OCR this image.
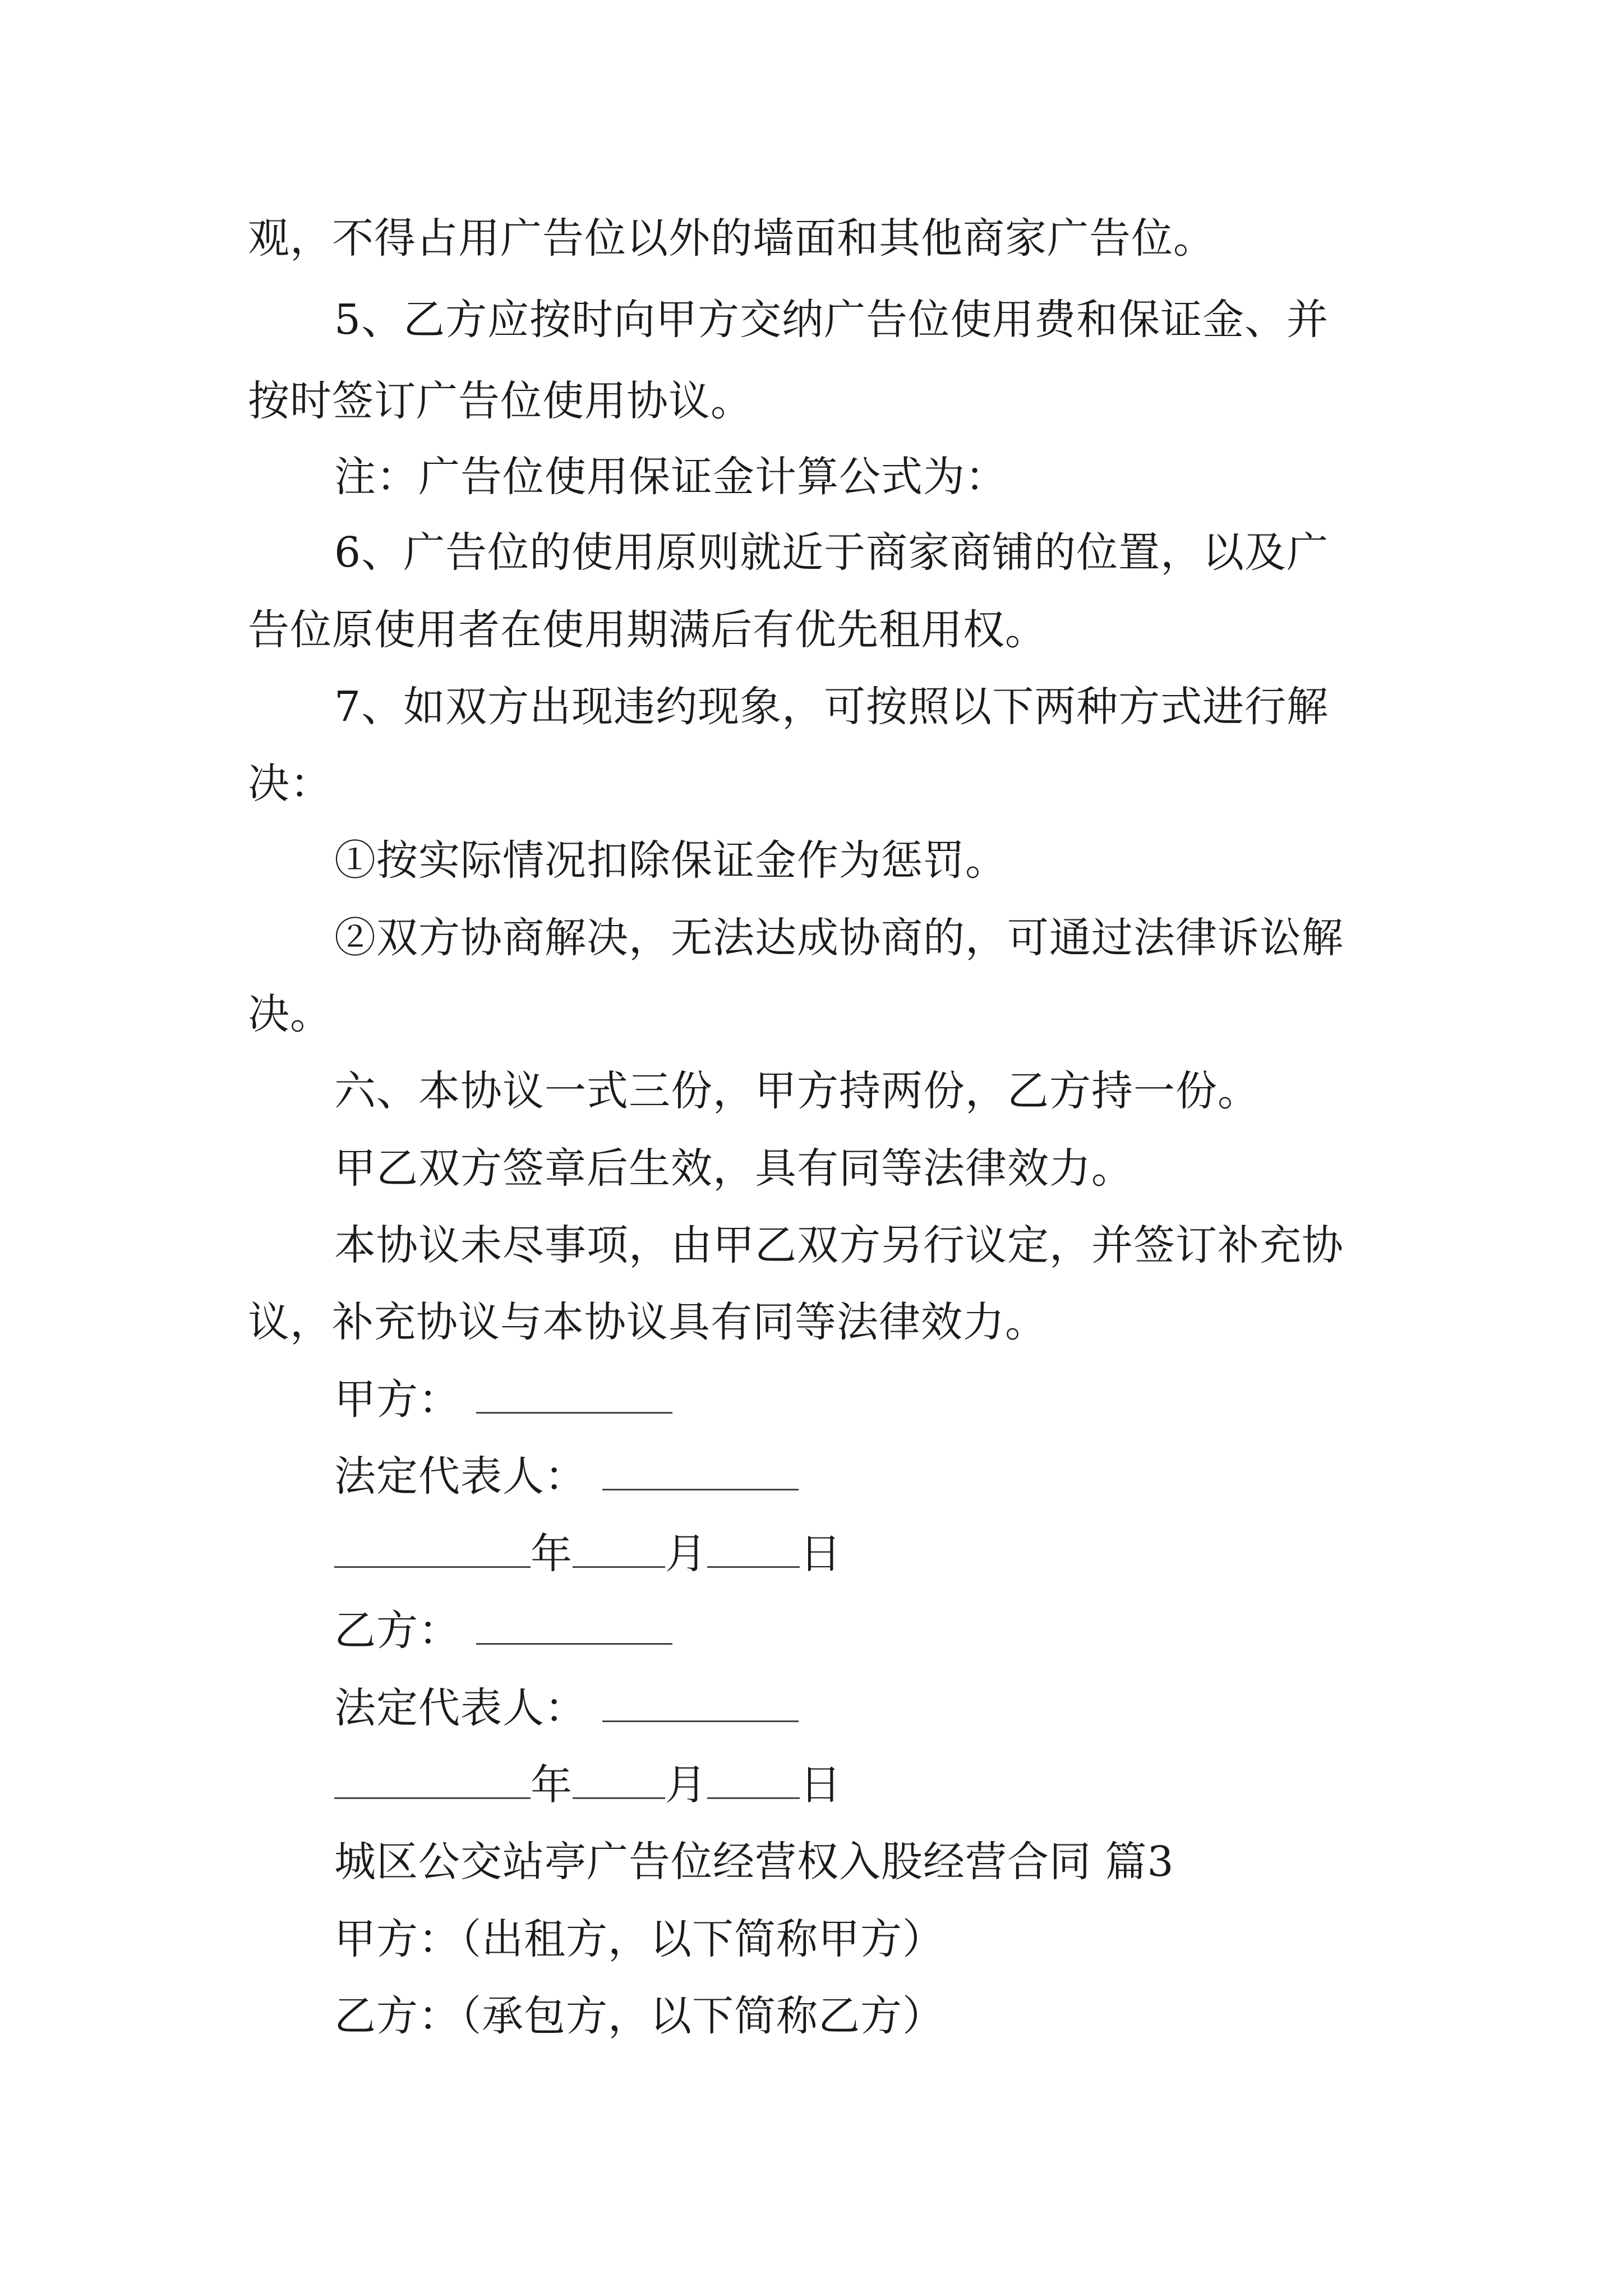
观，不得占用广告位以外的墙面和其他商家广告位。
5、乙方应按时向甲方交纳广告位使用费和保证金、并
按时签订广告位使用协议。
注：广告位使用保证金计算公式为：
6、广告位的使用原则就近于商家商铺的位置，以及广
告位原使用者在使用期满后有优先租用权。
7、如双方出现违约现象，可按照以下两种方式进行解
决：
①按实际情况扣除保证金作为惩罚。
②双方协商解决，无法达成协商的，可通过法律诉讼解
决。
六、本协议一式三份，甲方持两份，乙方持一份。
甲乙双方签章后生效，具有同等法律效力。
本协议未尽事项，由甲乙双方另行议定，并签订补充协
议，补充协议与本协议具有同等法律效力。
甲方：
法定代表人：
年 月 日
乙方：
法定代表人：
年 月 日
城区公交站亭广告位经营权入股经营合同 篇3
甲方：（出租方，以下简称甲方）
乙方：（承包方，以下简称乙方）
